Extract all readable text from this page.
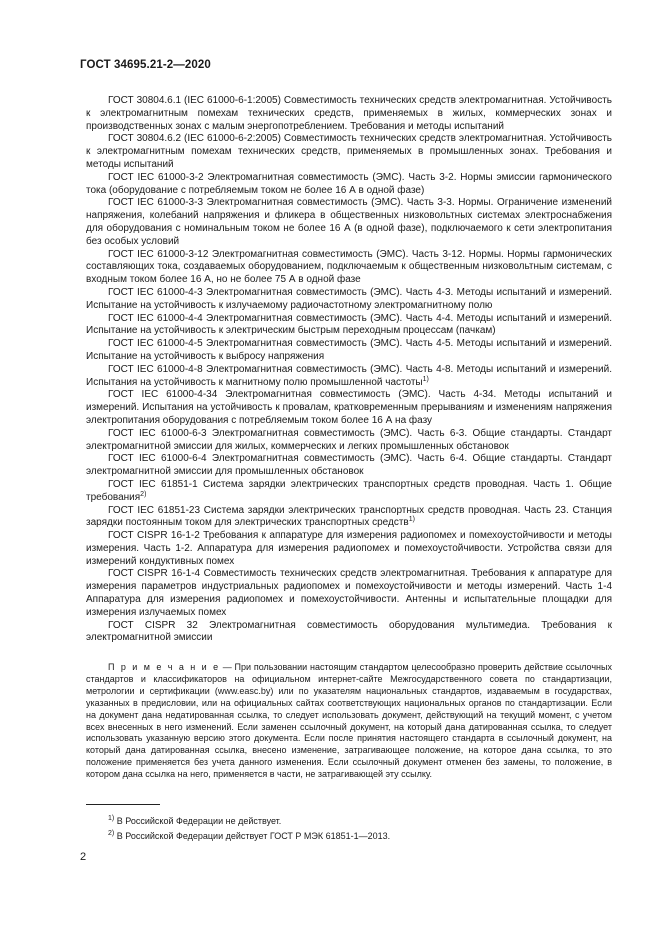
ГОСТ 34695.21-2—2020

ГОСТ 30804.6.1 (IEC 61000-6-1:2005) Совместимость технических средств электромагнитная. Устойчивость к электромагнитным помехам технических средств, применяемых в жилых, коммерческих зонах и производственных зонах с малым энергопотреблением. Требования и методы испытаний

ГОСТ 30804.6.2 (IEC 61000-6-2:2005) Совместимость технических средств электромагнитная. Устойчивость к электромагнитным помехам технических средств, применяемых в промышленных зонах. Требования и методы испытаний

ГОСТ IEC 61000-3-2 Электромагнитная совместимость (ЭМС). Часть 3-2. Нормы эмиссии гармонического тока (оборудование с потребляемым током не более 16 А в одной фазе)

ГОСТ IEC 61000-3-3 Электромагнитная совместимость (ЭМС). Часть 3-3. Нормы. Ограничение изменений напряжения, колебаний напряжения и фликера в общественных низковольтных системах электроснабжения для оборудования с номинальным током не более 16 А (в одной фазе), подключаемого к сети электропитания без особых условий

ГОСТ IEC 61000-3-12 Электромагнитная совместимость (ЭМС). Часть 3-12. Нормы. Нормы гармонических составляющих тока, создаваемых оборудованием, подключаемым к общественным низковольтным системам, с входным током более 16 А, но не более 75 А в одной фазе

ГОСТ IEC 61000-4-3 Электромагнитная совместимость (ЭМС). Часть 4-3. Методы испытаний и измерений. Испытание на устойчивость к излучаемому радиочастотному электромагнитному полю

ГОСТ IEC 61000-4-4 Электромагнитная совместимость (ЭМС). Часть 4-4. Методы испытаний и измерений. Испытание на устойчивость к электрическим быстрым переходным процессам (пачкам)

ГОСТ IEC 61000-4-5 Электромагнитная совместимость (ЭМС). Часть 4-5. Методы испытаний и измерений. Испытание на устойчивость к выбросу напряжения

ГОСТ IEC 61000-4-8 Электромагнитная совместимость (ЭМС). Часть 4-8. Методы испытаний и измерений. Испытания на устойчивость к магнитному полю промышленной частоты$^{1)}$

ГОСТ IEC 61000-4-34 Электромагнитная совместимость (ЭМС). Часть 4-34. Методы испытаний и измерений. Испытания на устойчивость к провалам, кратковременным прерываниям и изменениям напряжения электропитания оборудования с потребляемым током более 16 А на фазу

ГОСТ IEC 61000-6-3 Электромагнитная совместимость (ЭМС). Часть 6-3. Общие стандарты. Стандарт электромагнитной эмиссии для жилых, коммерческих и легких промышленных обстановок

ГОСТ IEC 61000-6-4 Электромагнитная совместимость (ЭМС). Часть 6-4. Общие стандарты. Стандарт электромагнитной эмиссии для промышленных обстановок

ГОСТ IEC 61851-1 Система зарядки электрических транспортных средств проводная. Часть 1. Общие требования$^{2)}$

ГОСТ IEC 61851-23 Система зарядки электрических транспортных средств проводная. Часть 23. Станция зарядки постоянным током для электрических транспортных средств$^{1)}$

ГОСТ CISPR 16-1-2 Требования к аппаратуре для измерения радиопомех и помехоустойчивости и методы измерения. Часть 1-2. Аппаратура для измерения радиопомех и помехоустойчивости. Устройства связи для измерений кондуктивных помех

ГОСТ CISPR 16-1-4 Совместимость технических средств электромагнитная. Требования к аппаратуре для измерения параметров индустриальных радиопомех и помехоустойчивости и методы измерений. Часть 1-4 Аппаратура для измерения радиопомех и помехоустойчивости. Антенны и испытательные площадки для измерения излучаемых помех

ГОСТ CISPR 32 Электромагнитная совместимость оборудования мультимедиа. Требования к электромагнитной эмиссии

П р и м е ч а н и е — При пользовании настоящим стандартом целесообразно проверить действие ссылочных стандартов и классификаторов на официальном интернет-сайте Межгосударственного совета по стандартизации, метрологии и сертификации (www.easc.by) или по указателям национальных стандартов, издаваемым в государствах, указанных в предисловии, или на официальных сайтах соответствующих национальных органов по стандартизации. Если на документ дана недатированная ссылка, то следует использовать документ, действующий на текущий момент, с учетом всех внесенных в него изменений. Если заменен ссылочный документ, на который дана датированная ссылка, то следует использовать указанную версию этого документа. Если после принятия настоящего стандарта в ссылочный документ, на который дана датированная ссылка, внесено изменение, затрагивающее положение, на которое дана ссылка, то это положение применяется без учета данного изменения. Если ссылочный документ отменен без замены, то положение, в котором дана ссылка на него, применяется в части, не затрагивающей эту ссылку.

$^{1)}$ В Российской Федерации не действует.
$^{2)}$ В Российской Федерации действует ГОСТ Р МЭК 61851-1—2013.
2
